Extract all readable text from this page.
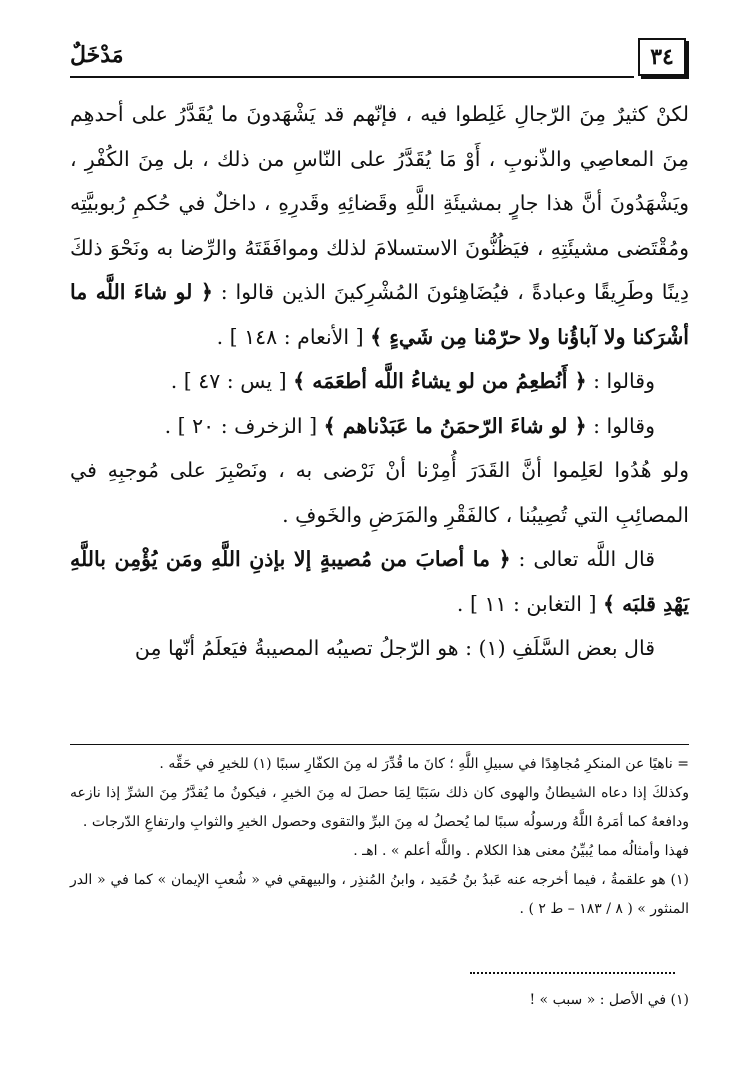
٣٤
مَدْخَلٌ

لكنْ كثيرٌ مِنَ الرّجالِ غَلِطوا فيه ، فإنّهم قد يَشْهَدونَ ما يُقَدَّرُ على أحدهِم مِنَ المعاصِي والذّنوبِ ، أَوْ مَا يُقَدَّرُ على النّاسِ من ذلك ، بل مِنَ الكُفْرِ ، ويَشْهَدُونَ أنَّ هذا جارٍ بمشيئَةِ اللَّهِ وقَضائِهِ وقَدرِهِ ، داخلٌ في حُكمِ رُبوبيَّتِه ومُقْتَضى مشيئَتِهِ ، فيَظُنُّونَ الاستسلامَ لذلك وموافَقَتَهُ والرِّضا به ونَحْوَ ذلكَ دِينًا وطَرِيقًا وعبادةً ، فيُضَاهِئونَ المُشْرِكينَ الذين قالوا : ﴿ لو شاءَ اللَّه ما أشْرَكنا ولا آباؤُنا ولا حرّمْنا مِن شَيءٍ ﴾ [ الأنعام : ١٤٨ ] .

وقالوا : ﴿ أَنُطعِمُ من لو يشاءُ اللَّه أطعَمَه ﴾ [ يس : ٤٧ ] .

وقالوا : ﴿ لو شاءَ الرّحمَنُ ما عَبَدْناهم ﴾ [ الزخرف : ٢٠ ] .

ولو هُدُوا لعَلِموا أنَّ القَدَرَ أُمِرْنا أنْ نَرْضى به ، ونَصْبِرَ على مُوجبِهِ في المصائِبِ التي تُصِيبُنا ، كالفَقْرِ والمَرَضِ والخَوفِ .

قال اللَّه تعالى : ﴿ ما أصابَ من مُصيبةٍ إلا بإذنِ اللَّهِ ومَن يُؤْمِن باللَّهِ يَهْدِ قلبَه ﴾ [ التغابن : ١١ ] .

قال بعض السَّلَفِ (١) : هو الرّجلُ تصيبُه المصيبةُ فيَعلَمُ أنّها مِن

= ناهيًا عن المنكرِ مُجاهِدًا في سبيلِ اللَّهِ ؛ كانَ ما قُدِّرَ له مِنَ الكفّارِ سببًا (١) للخيرِ في حَقِّه .

وكذلكَ إذا دعاه الشيطانُ والهوى كان ذلك سَبَبًا لِمَا حصلَ له مِنَ الخيرِ ، فيكونُ ما يُقدَّرُ مِنَ الشرِّ إذا نازعه ودافعهُ كما أمَرهُ اللَّهُ ورسولُه سببًا لما يُحصلُ له مِنَ البرِّ والتقوى وحصول الخيرِ والثوابِ وارتفاعِ الدّرجات .

فهذا وأمثالُه مما يُبيِّنُ معنى هذا الكلام . واللَّه أعلم » . اهـ .

(١) هو علقمةُ ، فيما أخرجه عنه عَبدُ بنُ حُمَيد ، وابنُ المُنذِر ، والبيهقي في « شُعبِ الإيمان » كما في « الدر المنثور » ( ٨ / ١٨٣ – ط ٢ ) .

(١) في الأصل : « سبب » !
